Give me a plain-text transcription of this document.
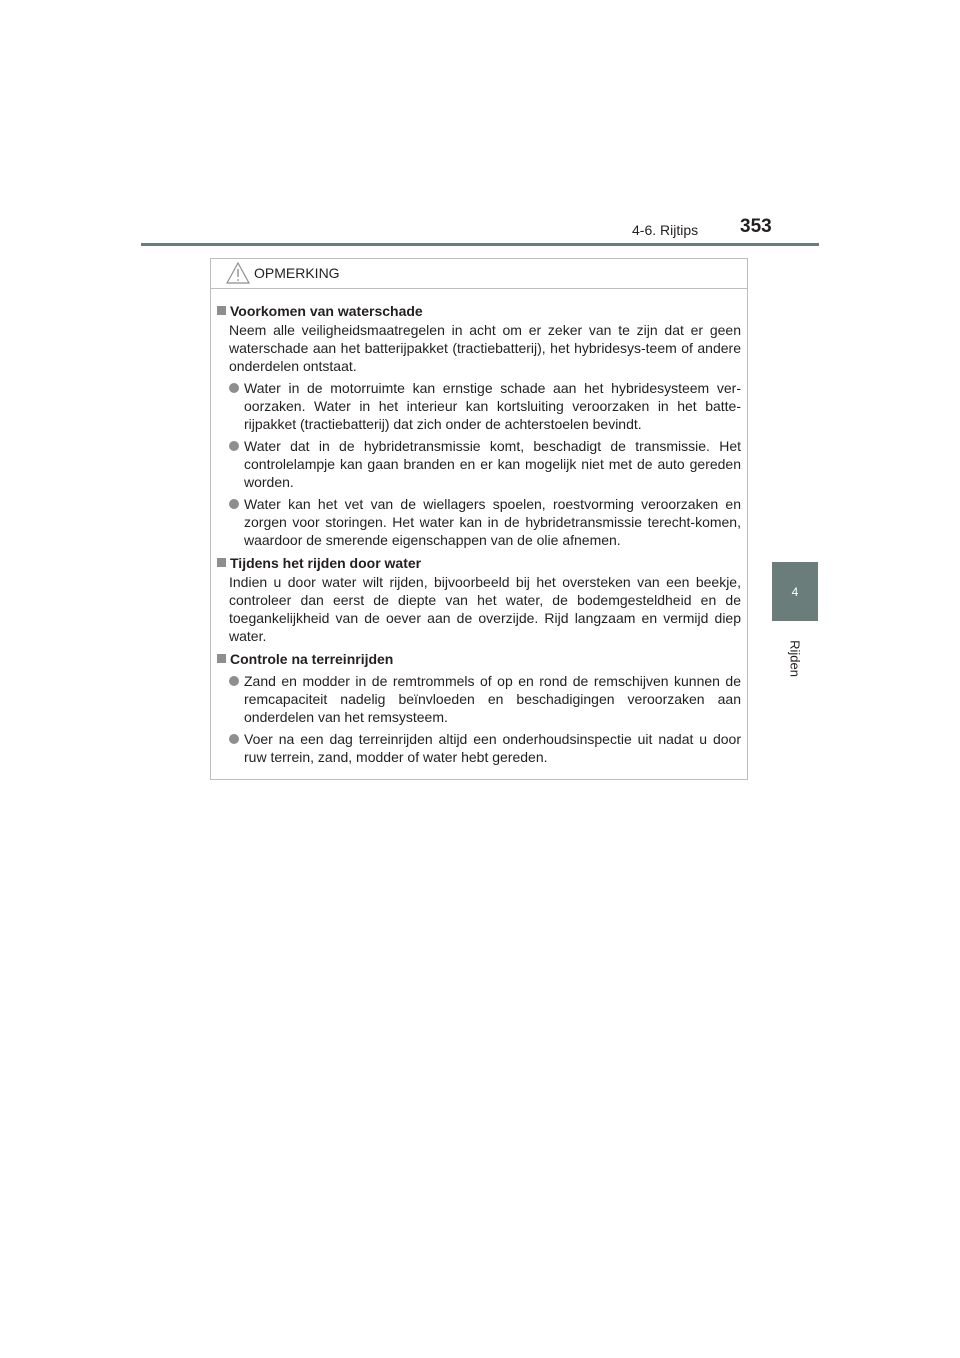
4-6. Rijtips 353
4
Rijden
OPMERKING
Voorkomen van waterschade
Neem alle veiligheidsmaatregelen in acht om er zeker van te zijn dat er geen waterschade aan het batterijpakket (tractiebatterij), het hybridesys-teem of andere onderdelen ontstaat.
Water in de motorruimte kan ernstige schade aan het hybridesysteem ver-oorzaken. Water in het interieur kan kortsluiting veroorzaken in het batte-rijpakket (tractiebatterij) dat zich onder de achterstoelen bevindt.
Water dat in de hybridetransmissie komt, beschadigt de transmissie. Het controlelampje kan gaan branden en er kan mogelijk niet met de auto gereden worden.
Water kan het vet van de wiellagers spoelen, roestvorming veroorzaken en zorgen voor storingen. Het water kan in de hybridetransmissie terecht-komen, waardoor de smerende eigenschappen van de olie afnemen.
Tijdens het rijden door water
Indien u door water wilt rijden, bijvoorbeeld bij het oversteken van een beekje, controleer dan eerst de diepte van het water, de bodemgesteldheid en de toegankelijkheid van de oever aan de overzijde. Rijd langzaam en vermijd diep water.
Controle na terreinrijden
Zand en modder in de remtrommels of op en rond de remschijven kunnen de remcapaciteit nadelig beïnvloeden en beschadigingen veroorzaken aan onderdelen van het remsysteem.
Voer na een dag terreinrijden altijd een onderhoudsinspectie uit nadat u door ruw terrein, zand, modder of water hebt gereden.
